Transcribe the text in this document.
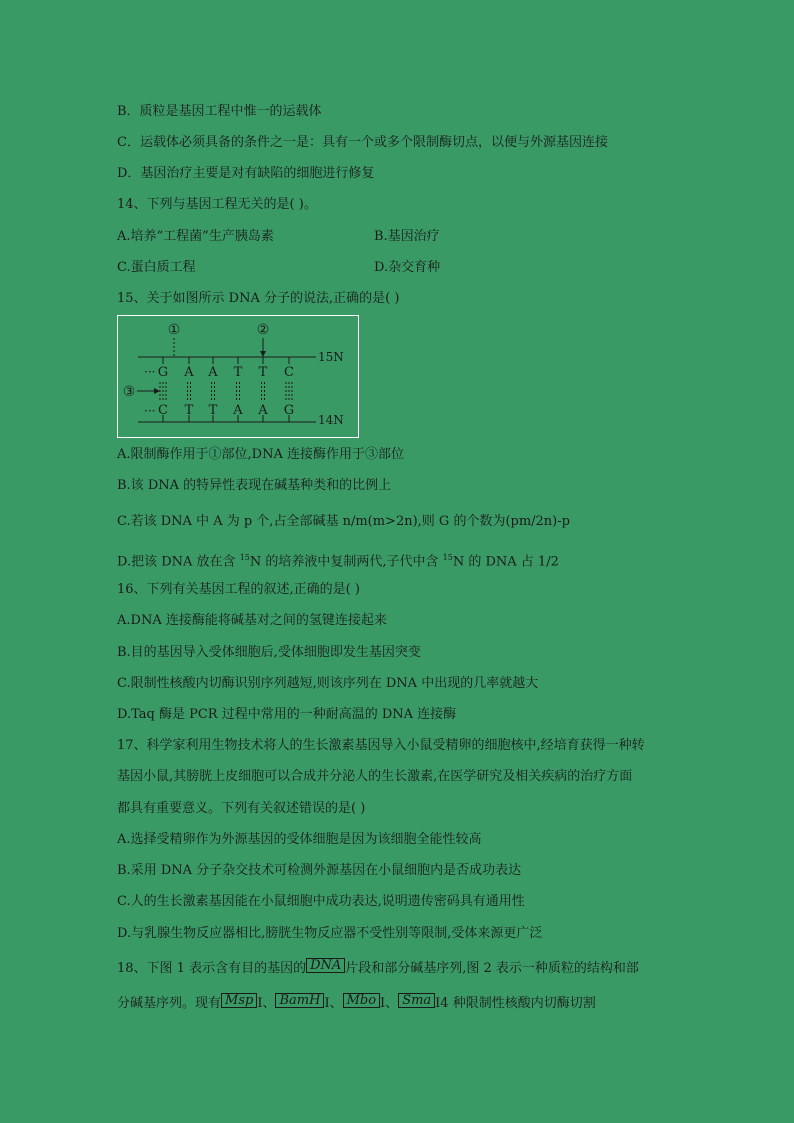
B．质粒是基因工程中惟一的运载体
C．运载体必须具备的条件之一是：具有一个或多个限制酶切点，以便与外源基因连接
D．基因治疗主要是对有缺陷的细胞进行修复
14、下列与基因工程无关的是( )。
A.培养“工程菌”生产胰岛素	B.基因治疗
C.蛋白质工程	D.杂交育种
15、关于如图所示 DNA 分子的说法,正确的是( )
①	②
③
15N
14N
···
···
G A A T T C
C T T A A G
A.限制酶作用于①部位,DNA 连接酶作用于③部位
B.该 DNA 的特异性表现在碱基种类和的比例上
C.若该 DNA 中 A 为 p 个,占全部碱基 n/m(m>2n),则 G 的个数为(pm/2n)-p
D.把该 DNA 放在含 $^{15}$N 的培养液中复制两代,子代中含 $^{15}$N 的 DNA 占 1/2
16、下列有关基因工程的叙述,正确的是( )
A.DNA 连接酶能将碱基对之间的氢键连接起来
B.目的基因导入受体细胞后,受体细胞即发生基因突变
C.限制性核酸内切酶识别序列越短,则该序列在 DNA 中出现的几率就越大
D.Taq 酶是 PCR 过程中常用的一种耐高温的 DNA 连接酶
17、科学家利用生物技术将人的生长激素基因导入小鼠受精卵的细胞核中,经培育获得一种转
基因小鼠,其膀胱上皮细胞可以合成并分泌人的生长激素,在医学研究及相关疾病的治疗方面
都具有重要意义。下列有关叙述错误的是( )
A.选择受精卵作为外源基因的受体细胞是因为该细胞全能性较高
B.采用 DNA 分子杂交技术可检测外源基因在小鼠细胞内是否成功表达
C.人的生长激素基因能在小鼠细胞中成功表达,说明遗传密码具有通用性
D.与乳腺生物反应器相比,膀胱生物反应器不受性别等限制,受体来源更广泛
18、下图 1 表示含有目的基因的 DNA 片段和部分碱基序列,图 2 表示一种质粒的结构和部
分碱基序列。现有 Msp Ⅰ、 BamH Ⅰ、 Mbo Ⅰ、 Sma Ⅰ4 种限制性核酸内切酶切割
